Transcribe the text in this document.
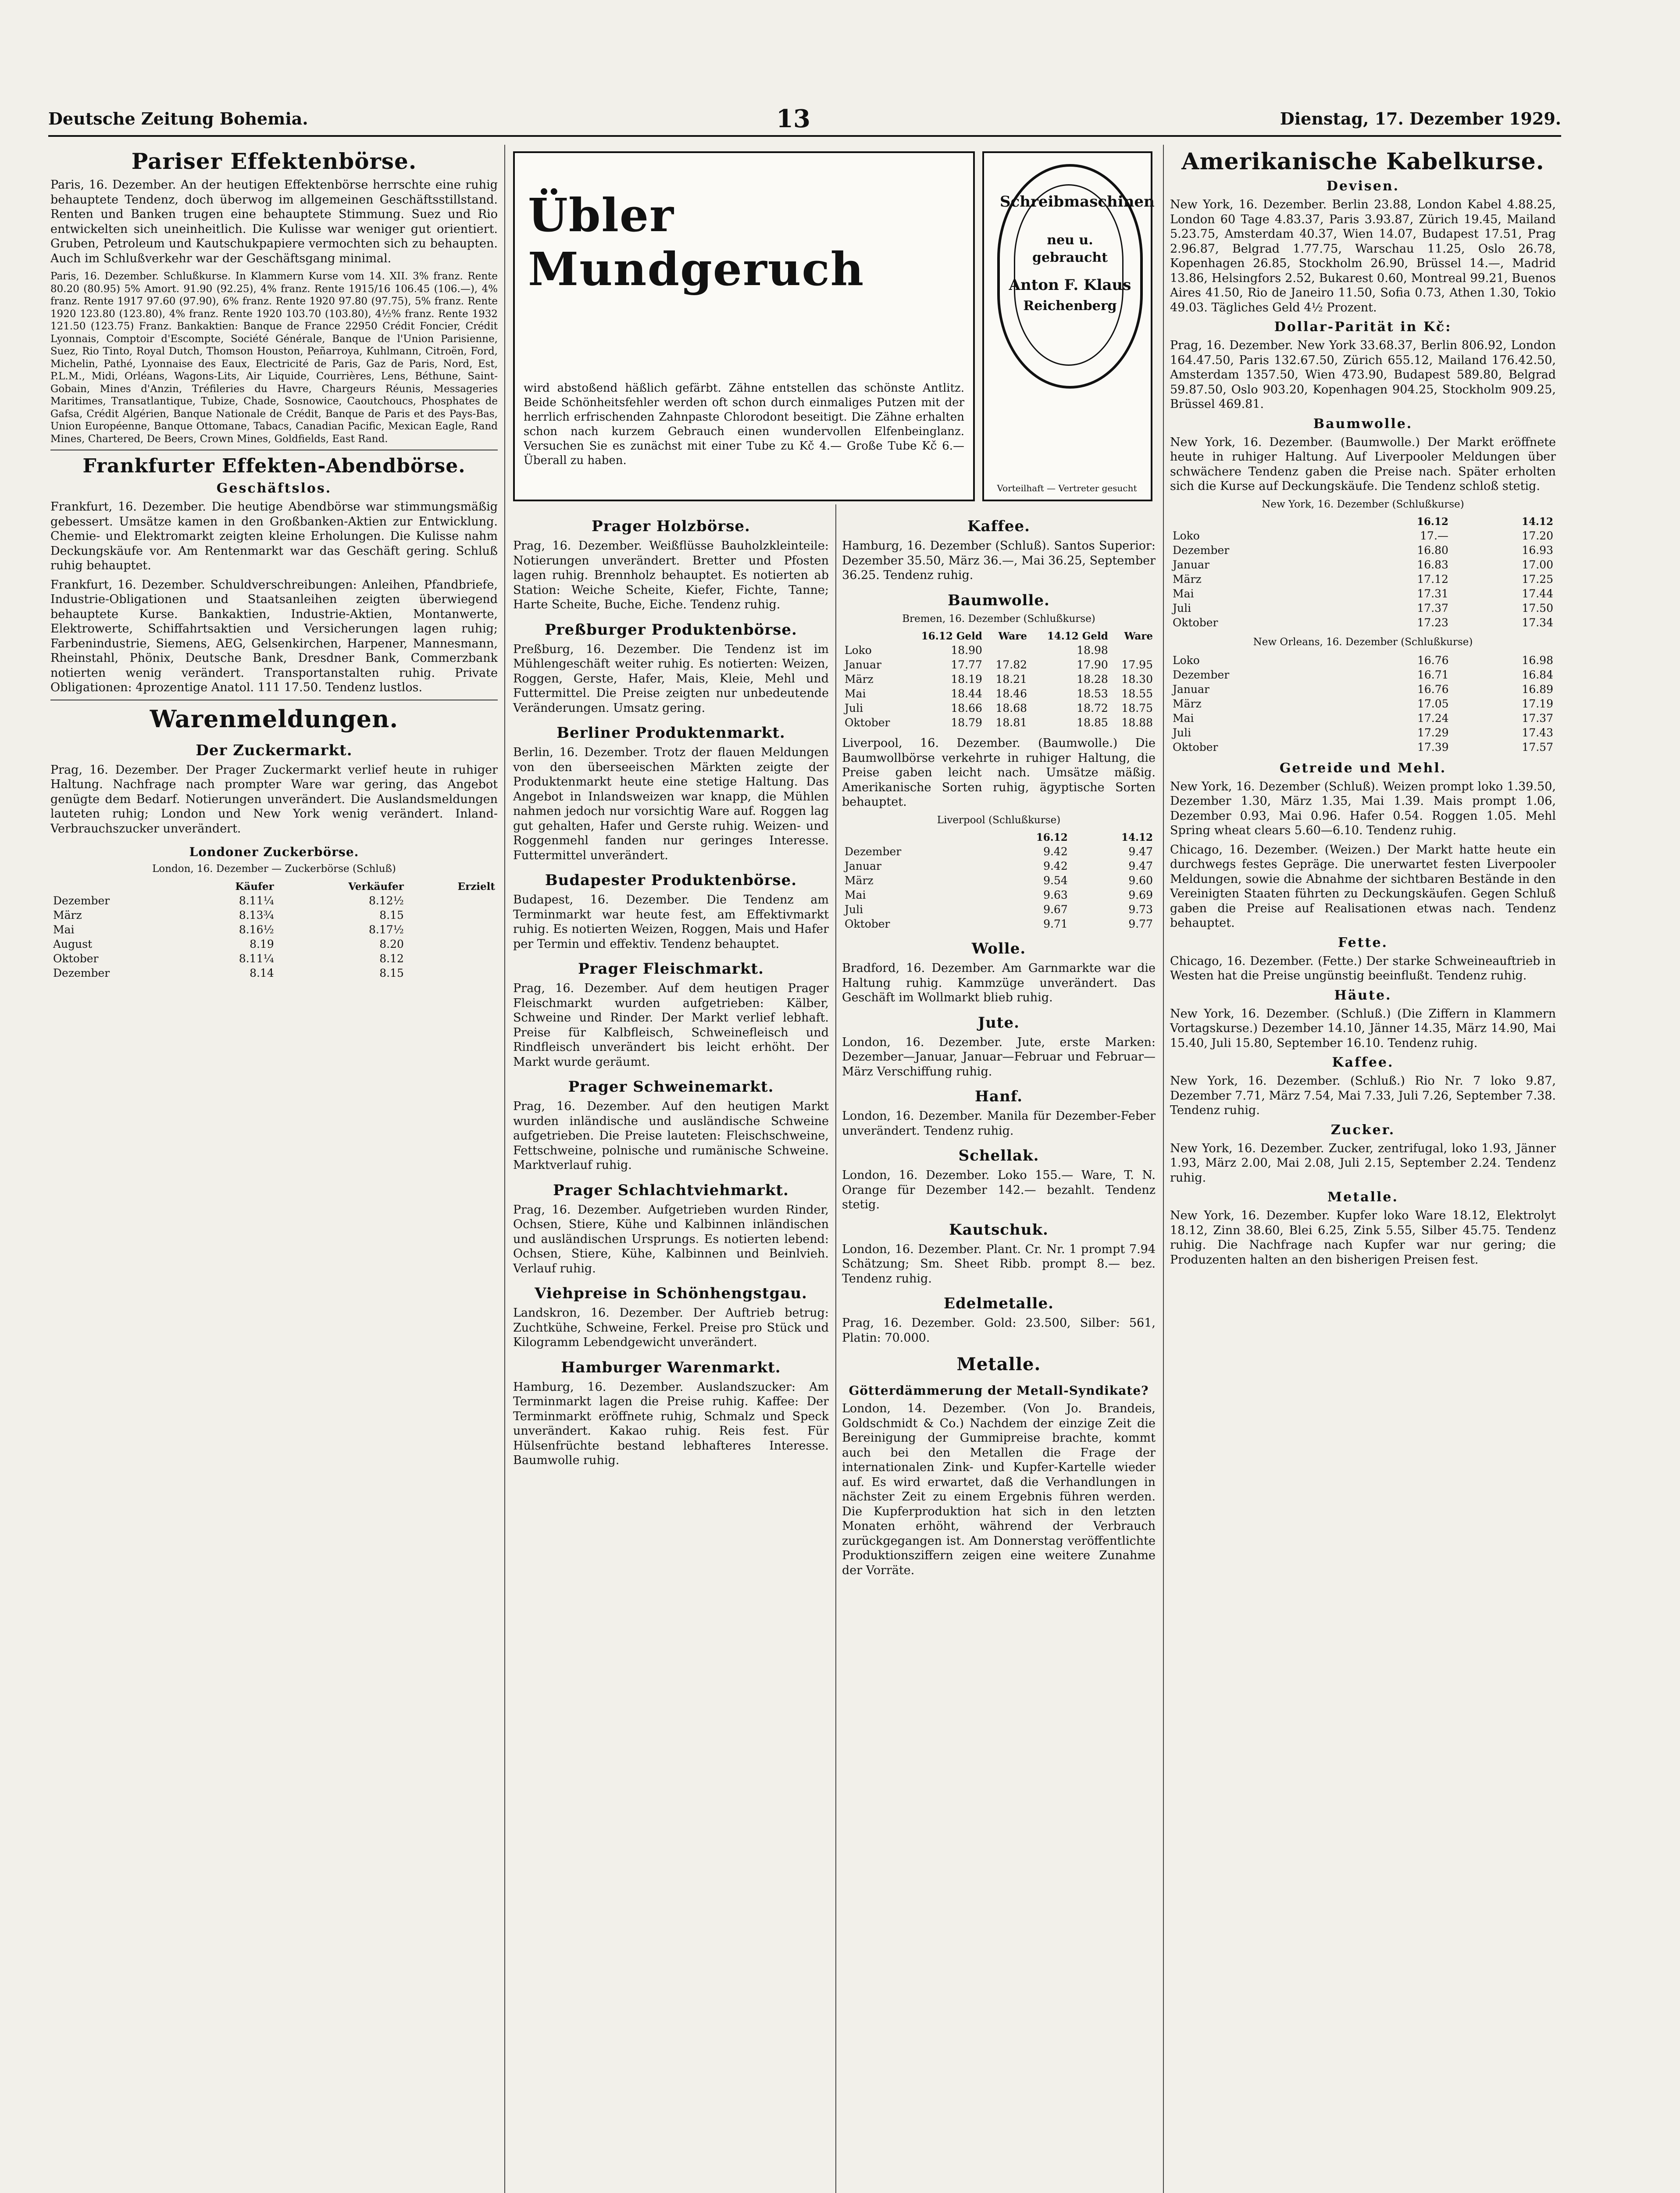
Deutsche Zeitung Bohemia.	13	Dienstag, 17. Dezember 1929.
Pariser Effektenbörse.

Paris, 16. Dezember. An der heutigen Effektenbörse herrschte eine ruhig behauptete Tendenz, doch überwog im allgemeinen Geschäftsstillstand. Renten und Banken trugen eine behauptete Stimmung. Suez und Rio entwickelten sich uneinheitlich. Die Kulisse war weniger gut orientiert. Gruben, Petroleum und Kautschukpapiere vermochten sich zu behaupten. Auch im Schlußverkehr war der Geschäftsgang minimal.

Paris, 16. Dezember. Schlußkurse. In Klammern Kurse vom 14. XII. 3% franz. Rente 80.20 (80.95) 5% Amort. 91.90 (92.25), 4% franz. Rente 1915/16 106.45 (106.—), 4% franz. Rente 1917 97.60 (97.90), 6% franz. Rente 1920 97.80 (97.75), 5% franz. Rente 1920 123.80 (123.80), 4% franz. Rente 1920 103.70 (103.80), 4½% franz. Rente 1932 121.50 (123.75) Franz. Bankaktien: Banque de France 22950 Crédit Foncier, Crédit Lyonnais, Comptoir d'Escompte, Société Générale, Banque de l'Union Parisienne, Suez, Rio Tinto, Royal Dutch, Thomson Houston, Peñarroya, Kuhlmann, Citroën, Ford, Michelin, Pathé, Lyonnaise des Eaux, Electricité de Paris, Gaz de Paris, Nord, Est, P.L.M., Midi, Orléans, Wagons-Lits, Air Liquide, Courrières, Lens, Béthune, Saint-Gobain, Mines d'Anzin, Tréfileries du Havre, Chargeurs Réunis, Messageries Maritimes, Transatlantique, Tubize, Chade, Sosnowice, Caoutchoucs, Phosphates de Gafsa, Crédit Algérien, Banque Nationale de Crédit, Banque de Paris et des Pays-Bas, Union Européenne, Banque Ottomane, Tabacs, Canadian Pacific, Mexican Eagle, Rand Mines, Chartered, De Beers, Crown Mines, Goldfields, East Rand.

Frankfurter Effekten-Abendbörse.
Geschäftslos.

Frankfurt, 16. Dezember. Die heutige Abendbörse war stimmungsmäßig gebessert. Umsätze kamen in den Großbanken-Aktien zur Entwicklung. Chemie- und Elektromarkt zeigten kleine Erholungen. Die Kulisse nahm Deckungskäufe vor. Am Rentenmarkt war das Geschäft gering. Schluß ruhig behauptet.

Frankfurt, 16. Dezember. Schuldverschreibungen: Anleihen, Pfandbriefe, Industrie-Obligationen und Staatsanleihen zeigten überwiegend behauptete Kurse. Bankaktien, Industrie-Aktien, Montanwerte, Elektrowerte, Schiffahrtsaktien und Versicherungen lagen ruhig; Farbenindustrie, Siemens, AEG, Gelsenkirchen, Harpener, Mannesmann, Rheinstahl, Phönix, Deutsche Bank, Dresdner Bank, Commerzbank notierten wenig verändert. Transportanstalten ruhig. Private Obligationen: 4prozentige Anatol. 111 17.50. Tendenz lustlos.

Warenmeldungen.
Der Zuckermarkt.

Prag, 16. Dezember. Der Prager Zuckermarkt verlief heute in ruhiger Haltung. Nachfrage nach prompter Ware war gering, das Angebot genügte dem Bedarf. Notierungen unverändert. Die Auslandsmeldungen lauteten ruhig; London und New York wenig verändert. Inland-Verbrauchszucker unverändert.

Londoner Zuckerbörse.
London, 16. Dezember — Zuckerbörse (Schluß)
	Käufer	Verkäufer	Erzielt
Dezember	8.11¼	8.12½	
März	8.13¾	8.15	
Mai	8.16½	8.17½	
August	8.19	8.20	
Oktober	8.11¼	8.12	
Dezember	8.14	8.15	
Übler Mundgeruch
wird abstoßend häßlich gefärbt. Zähne entstellen das schönste Antlitz. Beide Schönheitsfehler werden oft schon durch einmaliges Putzen mit der herrlich erfrischenden Zahnpaste Chlorodont beseitigt. Die Zähne erhalten schon nach kurzem Gebrauch einen wundervollen Elfenbeinglanz. Versuchen Sie es zunächst mit einer Tube zu Kč 4.— Große Tube Kč 6.— Überall zu haben.
Schreibmaschinen
neu u.
gebraucht
Anton F. Klaus
Reichenberg
Vorteilhaft — Vertreter gesucht
Prager Holzbörse.

Prag, 16. Dezember. Weißflüsse Bauholzkleinteile: Notierungen unverändert. Bretter und Pfosten lagen ruhig. Brennholz behauptet. Es notierten ab Station: Weiche Scheite, Kiefer, Fichte, Tanne; Harte Scheite, Buche, Eiche. Tendenz ruhig.

Preßburger Produktenbörse.

Preßburg, 16. Dezember. Die Tendenz ist im Mühlengeschäft weiter ruhig. Es notierten: Weizen, Roggen, Gerste, Hafer, Mais, Kleie, Mehl und Futtermittel. Die Preise zeigten nur unbedeutende Veränderungen. Umsatz gering.

Berliner Produktenmarkt.

Berlin, 16. Dezember. Trotz der flauen Meldungen von den überseeischen Märkten zeigte der Produktenmarkt heute eine stetige Haltung. Das Angebot in Inlandsweizen war knapp, die Mühlen nahmen jedoch nur vorsichtig Ware auf. Roggen lag gut gehalten, Hafer und Gerste ruhig. Weizen- und Roggenmehl fanden nur geringes Interesse. Futtermittel unverändert.

Budapester Produktenbörse.

Budapest, 16. Dezember. Die Tendenz am Terminmarkt war heute fest, am Effektivmarkt ruhig. Es notierten Weizen, Roggen, Mais und Hafer per Termin und effektiv. Tendenz behauptet.

Prager Fleischmarkt.

Prag, 16. Dezember. Auf dem heutigen Prager Fleischmarkt wurden aufgetrieben: Kälber, Schweine und Rinder. Der Markt verlief lebhaft. Preise für Kalbfleisch, Schweinefleisch und Rindfleisch unverändert bis leicht erhöht. Der Markt wurde geräumt.

Prager Schweinemarkt.

Prag, 16. Dezember. Auf den heutigen Markt wurden inländische und ausländische Schweine aufgetrieben. Die Preise lauteten: Fleischschweine, Fettschweine, polnische und rumänische Schweine. Marktverlauf ruhig.

Prager Schlachtviehmarkt.

Prag, 16. Dezember. Aufgetrieben wurden Rinder, Ochsen, Stiere, Kühe und Kalbinnen inländischen und ausländischen Ursprungs. Es notierten lebend: Ochsen, Stiere, Kühe, Kalbinnen und Beinlvieh. Verlauf ruhig.

Viehpreise in Schönhengstgau.

Landskron, 16. Dezember. Der Auftrieb betrug: Zuchtkühe, Schweine, Ferkel. Preise pro Stück und Kilogramm Lebendgewicht unverändert.

Hamburger Warenmarkt.

Hamburg, 16. Dezember. Auslandszucker: Am Terminmarkt lagen die Preise ruhig. Kaffee: Der Terminmarkt eröffnete ruhig, Schmalz und Speck unverändert. Kakao ruhig. Reis fest. Für Hülsenfrüchte bestand lebhafteres Interesse. Baumwolle ruhig.

Kaffee.

Hamburg, 16. Dezember (Schluß). Santos Superior: Dezember 35.50, März 36.—, Mai 36.25, September 36.25. Tendenz ruhig.

Baumwolle.
Bremen, 16. Dezember (Schlußkurse)
	16.12 Geld	Ware	14.12 Geld	Ware
Loko	18.90		18.98	
Januar	17.77	17.82	17.90	17.95
März	18.19	18.21	18.28	18.30
Mai	18.44	18.46	18.53	18.55
Juli	18.66	18.68	18.72	18.75
Oktober	18.79	18.81	18.85	18.88

Liverpool, 16. Dezember. (Baumwolle.) Die Baumwollbörse verkehrte in ruhiger Haltung, die Preise gaben leicht nach. Umsätze mäßig. Amerikanische Sorten ruhig, ägyptische Sorten behauptet.

Liverpool (Schlußkurse)
	16.12	14.12
Dezember	9.42	9.47
Januar	9.42	9.47
März	9.54	9.60
Mai	9.63	9.69
Juli	9.67	9.73
Oktober	9.71	9.77
Wolle.

Bradford, 16. Dezember. Am Garnmarkte war die Haltung ruhig. Kammzüge unverändert. Das Geschäft im Wollmarkt blieb ruhig.

Jute.

London, 16. Dezember. Jute, erste Marken: Dezember—Januar, Januar—Februar und Februar—März Verschiffung ruhig.

Hanf.

London, 16. Dezember. Manila für Dezember-Feber unverändert. Tendenz ruhig.

Schellak.

London, 16. Dezember. Loko 155.— Ware, T. N. Orange für Dezember 142.— bezahlt. Tendenz stetig.

Kautschuk.

London, 16. Dezember. Plant. Cr. Nr. 1 prompt 7.94 Schätzung; Sm. Sheet Ribb. prompt 8.— bez. Tendenz ruhig.

Edelmetalle.

Prag, 16. Dezember. Gold: 23.500, Silber: 561, Platin: 70.000.

Metalle.
Götterdämmerung der Metall-Syndikate?

London, 14. Dezember. (Von Jo. Brandeis, Goldschmidt & Co.) Nachdem der einzige Zeit die Bereinigung der Gummipreise brachte, kommt auch bei den Metallen die Frage der internationalen Zink- und Kupfer-Kartelle wieder auf. Es wird erwartet, daß die Verhandlungen in nächster Zeit zu einem Ergebnis führen werden. Die Kupferproduktion hat sich in den letzten Monaten erhöht, während der Verbrauch zurückgegangen ist. Am Donnerstag veröffentlichte Produktionsziffern zeigen eine weitere Zunahme der Vorräte.

Amerikanische Kabelkurse.
Devisen.

New York, 16. Dezember. Berlin 23.88, London Kabel 4.88.25, London 60 Tage 4.83.37, Paris 3.93.87, Zürich 19.45, Mailand 5.23.75, Amsterdam 40.37, Wien 14.07, Budapest 17.51, Prag 2.96.87, Belgrad 1.77.75, Warschau 11.25, Oslo 26.78, Kopenhagen 26.85, Stockholm 26.90, Brüssel 14.—, Madrid 13.86, Helsingfors 2.52, Bukarest 0.60, Montreal 99.21, Buenos Aires 41.50, Rio de Janeiro 11.50, Sofia 0.73, Athen 1.30, Tokio 49.03. Tägliches Geld 4½ Prozent.

Dollar-Parität in Kč:

Prag, 16. Dezember. New York 33.68.37, Berlin 806.92, London 164.47.50, Paris 132.67.50, Zürich 655.12, Mailand 176.42.50, Amsterdam 1357.50, Wien 473.90, Budapest 589.80, Belgrad 59.87.50, Oslo 903.20, Kopenhagen 904.25, Stockholm 909.25, Brüssel 469.81.

Baumwolle.

New York, 16. Dezember. (Baumwolle.) Der Markt eröffnete heute in ruhiger Haltung. Auf Liverpooler Meldungen über schwächere Tendenz gaben die Preise nach. Später erholten sich die Kurse auf Deckungskäufe. Die Tendenz schloß stetig.

New York, 16. Dezember (Schlußkurse)
	16.12	14.12
Loko	17.—	17.20
Dezember	16.80	16.93
Januar	16.83	17.00
März	17.12	17.25
Mai	17.31	17.44
Juli	17.37	17.50
Oktober	17.23	17.34
New Orleans, 16. Dezember (Schlußkurse)
Loko	16.76	16.98
Dezember	16.71	16.84
Januar	16.76	16.89
März	17.05	17.19
Mai	17.24	17.37
Juli	17.29	17.43
Oktober	17.39	17.57
Getreide und Mehl.

New York, 16. Dezember (Schluß). Weizen prompt loko 1.39.50, Dezember 1.30, März 1.35, Mai 1.39. Mais prompt 1.06, Dezember 0.93, Mai 0.96. Hafer 0.54. Roggen 1.05. Mehl Spring wheat clears 5.60—6.10. Tendenz ruhig.

Chicago, 16. Dezember. (Weizen.) Der Markt hatte heute ein durchwegs festes Gepräge. Die unerwartet festen Liverpooler Meldungen, sowie die Abnahme der sichtbaren Bestände in den Vereinigten Staaten führten zu Deckungskäufen. Gegen Schluß gaben die Preise auf Realisationen etwas nach. Tendenz behauptet.

Fette.

Chicago, 16. Dezember. (Fette.) Der starke Schweineauftrieb in Westen hat die Preise ungünstig beeinflußt. Tendenz ruhig.

Häute.

New York, 16. Dezember. (Schluß.) (Die Ziffern in Klammern Vortagskurse.) Dezember 14.10, Jänner 14.35, März 14.90, Mai 15.40, Juli 15.80, September 16.10. Tendenz ruhig.

Kaffee.

New York, 16. Dezember. (Schluß.) Rio Nr. 7 loko 9.87, Dezember 7.71, März 7.54, Mai 7.33, Juli 7.26, September 7.38. Tendenz ruhig.

Zucker.

New York, 16. Dezember. Zucker, zentrifugal, loko 1.93, Jänner 1.93, März 2.00, Mai 2.08, Juli 2.15, September 2.24. Tendenz ruhig.

Metalle.

New York, 16. Dezember. Kupfer loko Ware 18.12, Elektrolyt 18.12, Zinn 38.60, Blei 6.25, Zink 5.55, Silber 45.75. Tendenz ruhig. Die Nachfrage nach Kupfer war nur gering; die Produzenten halten an den bisherigen Preisen fest.
